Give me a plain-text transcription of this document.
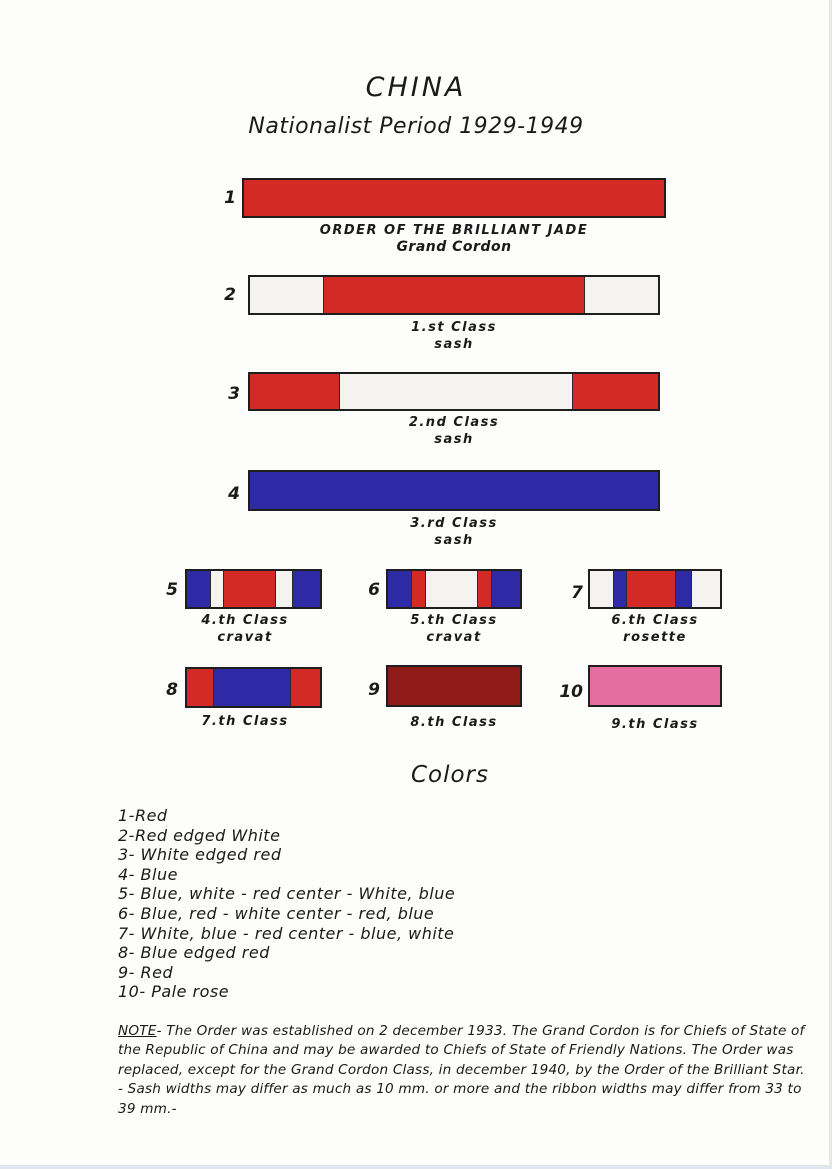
CHINA
Nationalist Period 1929-1949
1
ORDER OF THE BRILLIANT JADE
Grand Cordon
2
1.st Class
sash
3
2.nd Class
sash
4
3.rd Class
sash
5
4.th Class
cravat
6
5.th Class
cravat
7
6.th Class
rosette
8
7.th Class
9
8.th Class
10
9.th Class
Colors
1-Red
2-Red edged White
3- White edged red
4- Blue
5- Blue, white - red center - White, blue
6- Blue, red - white center - red, blue
7- White, blue - red center - blue, white
8- Blue edged red
9- Red
10- Pale rose
NOTE- The Order was established on 2 december 1933. The Grand Cordon is for Chiefs of State of the Republic of China and may be awarded to Chiefs of State of Friendly Nations. The Order was replaced, except for the Grand Cordon Class, in december 1940, by the Order of the Brilliant Star. - Sash widths may differ as much as 10 mm. or more and the ribbon widths may differ from 33 to 39 mm.-
